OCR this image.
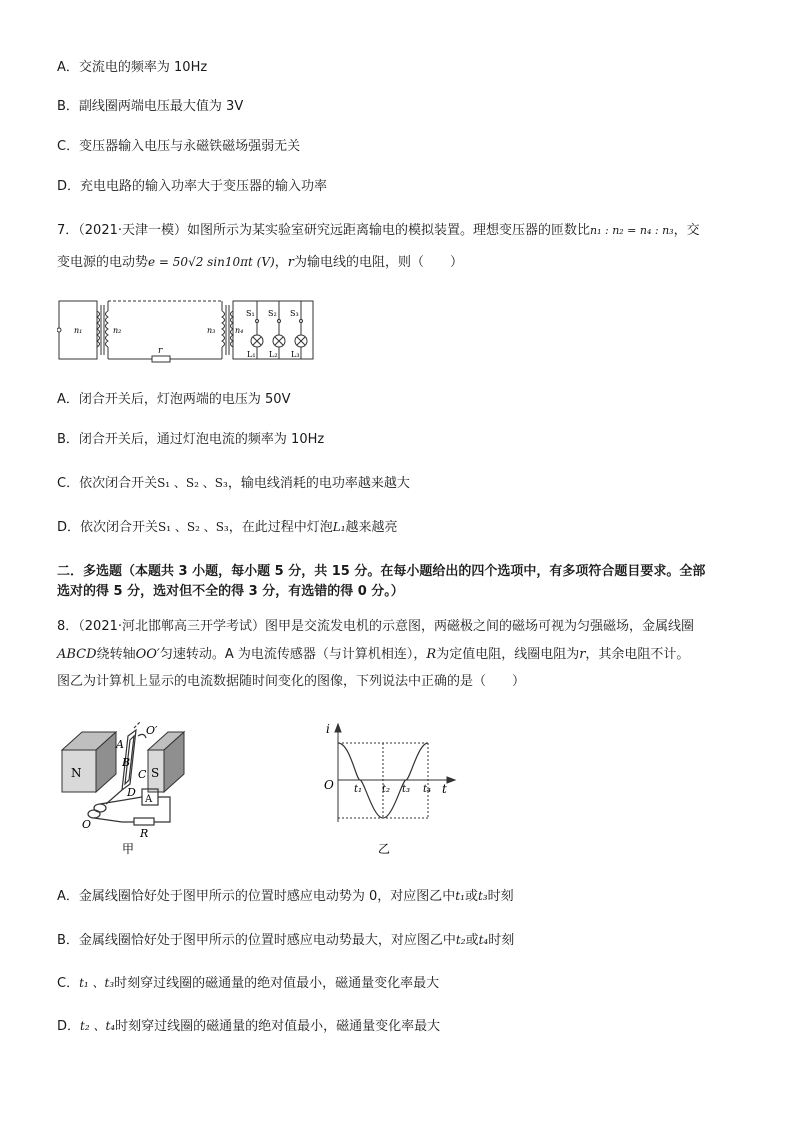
A．交流电的频率为 10Hz
B．副线圈两端电压最大值为 3V
C．变压器输入电压与永磁铁磁场强弱无关
D．充电电路的输入功率大于变压器的输入功率
7．（2021·天津一模）如图所示为某实验室研究远距离输电的模拟装置。理想变压器的匝数比n₁ : n₂ = n₄ : n₃，交
变电源的电动势e = 50√2 sin10πt (V)，r为输电线的电阻，则（　　）
n₁	n₂	n₃ n₄
r
S₁ S₂ S₃
L₁ L₂ L₃
A．闭合开关后，灯泡两端的电压为 50V
B．闭合开关后，通过灯泡电流的频率为 10Hz
C．依次闭合开关S₁ 、S₂ 、S₃，输电线消耗的电功率越来越大
D．依次闭合开关S₁ 、S₂ 、S₃，在此过程中灯泡L₁越来越亮
二．多选题（本题共 3 小题，每小题 5 分，共 15 分。在每小题给出的四个选项中，有多项符合题目要求。全部
选对的得 5 分，选对但不全的得 3 分，有选错的得 0 分。）
8．（2021·河北邯郸高三开学考试）图甲是交流发电机的示意图，两磁极之间的磁场可视为匀强磁场，金属线圈
ABCD绕转轴OO′匀速转动。A 为电流传感器（与计算机相连），R为定值电阻，线圈电阻为r，其余电阻不计。
图乙为计算机上显示的电流数据随时间变化的图像，下列说法中正确的是（　　）
N	S
A
B
C
D
O′
O
A
R
甲
i
t
O t₁ t₂ t₃ t₄
乙
A．金属线圈恰好处于图甲所示的位置时感应电动势为 0，对应图乙中t₁或t₃时刻
B．金属线圈恰好处于图甲所示的位置时感应电动势最大，对应图乙中t₂或t₄时刻
C．t₁ 、t₃时刻穿过线圈的磁通量的绝对值最小，磁通量变化率最大
D．t₂ 、t₄时刻穿过线圈的磁通量的绝对值最小，磁通量变化率最大
